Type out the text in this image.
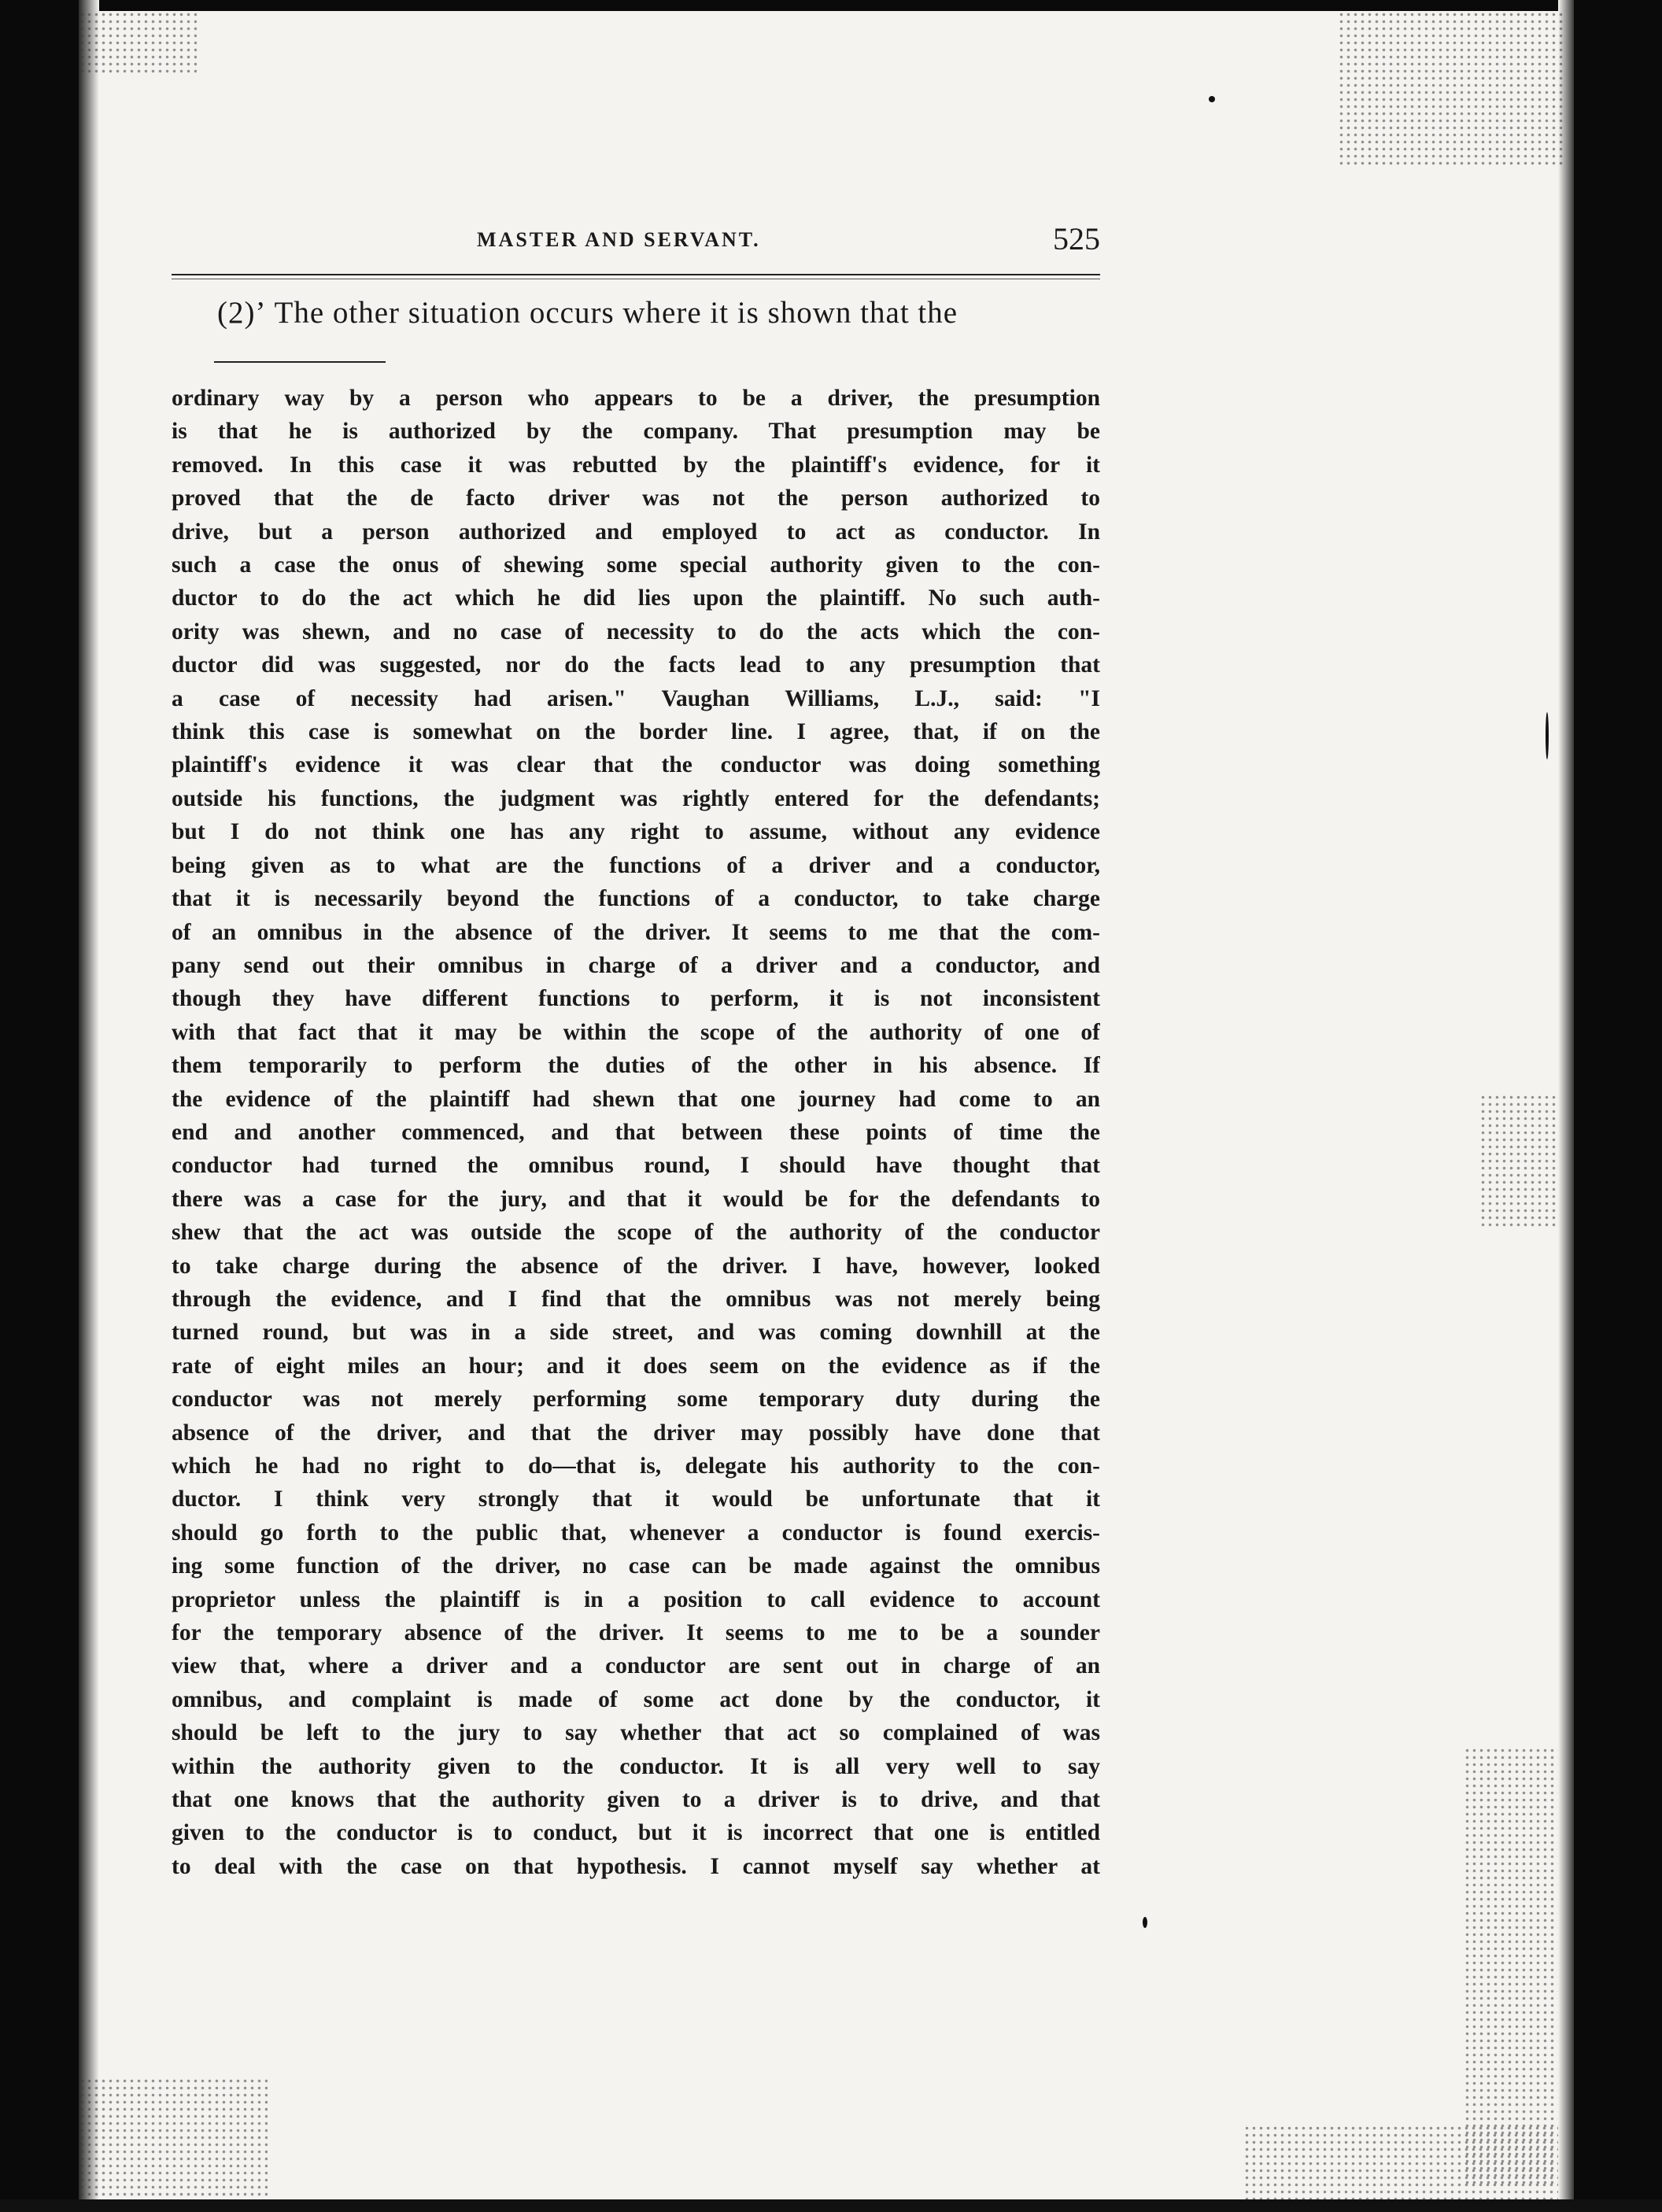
MASTER AND SERVANT.	525

(2)ʼ The other situation occurs where it is shown that the

ordinary way by a person who appears to be a driver, the presumption
is that he is authorized by the company. That presumption may be
removed. In this case it was rebutted by the plaintiff's evidence, for it
proved that the de facto driver was not the person authorized to
drive, but a person authorized and employed to act as conductor. In
such a case the onus of shewing some special authority given to the con-
ductor to do the act which he did lies upon the plaintiff. No such auth-
ority was shewn, and no case of necessity to do the acts which the con-
ductor did was suggested, nor do the facts lead to any presumption that
a case of necessity had arisen." Vaughan Williams, L.J., said: "I
think this case is somewhat on the border line. I agree, that, if on the
plaintiff's evidence it was clear that the conductor was doing something
outside his functions, the judgment was rightly entered for the defendants;
but I do not think one has any right to assume, without any evidence
being given as to what are the functions of a driver and a conductor,
that it is necessarily beyond the functions of a conductor, to take charge
of an omnibus in the absence of the driver. It seems to me that the com-
pany send out their omnibus in charge of a driver and a conductor, and
though they have different functions to perform, it is not inconsistent
with that fact that it may be within the scope of the authority of one of
them temporarily to perform the duties of the other in his absence. If
the evidence of the plaintiff had shewn that one journey had come to an
end and another commenced, and that between these points of time the
conductor had turned the omnibus round, I should have thought that
there was a case for the jury, and that it would be for the defendants to
shew that the act was outside the scope of the authority of the conductor
to take charge during the absence of the driver. I have, however, looked
through the evidence, and I find that the omnibus was not merely being
turned round, but was in a side street, and was coming downhill at the
rate of eight miles an hour; and it does seem on the evidence as if the
conductor was not merely performing some temporary duty during the
absence of the driver, and that the driver may possibly have done that
which he had no right to do—that is, delegate his authority to the con-
ductor. I think very strongly that it would be unfortunate that it
should go forth to the public that, whenever a conductor is found exercis-
ing some function of the driver, no case can be made against the omnibus
proprietor unless the plaintiff is in a position to call evidence to account
for the temporary absence of the driver. It seems to me to be a sounder
view that, where a driver and a conductor are sent out in charge of an
omnibus, and complaint is made of some act done by the conductor, it
should be left to the jury to say whether that act so complained of was
within the authority given to the conductor. It is all very well to say
that one knows that the authority given to a driver is to drive, and that
given to the conductor is to conduct, but it is incorrect that one is entitled
to deal with the case on that hypothesis. I cannot myself say whether at
